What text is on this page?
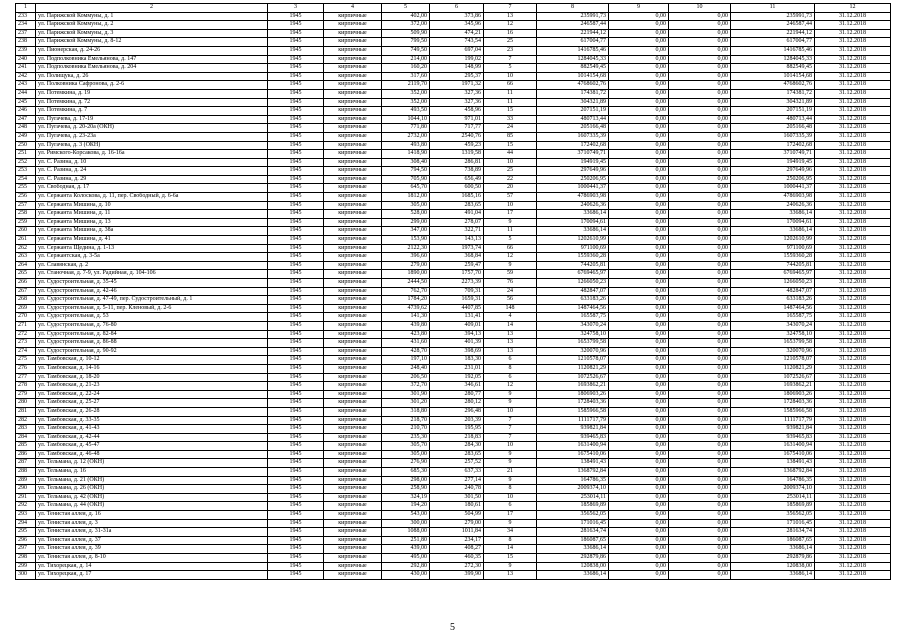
1	2	3	4	5	6	7	8	9	10	11	12
233	ул. Парижской Коммуны, д. 1	1945	кирпичные	402,00	373,86	13	235991,73	0,00	0,00	235991,73	31.12.2018
234	ул. Парижской Коммуны, д. 2	1945	кирпичные	372,00	345,96	12	246587,44	0,00	0,00	246587,44	31.12.2018
237	ул. Парижской Коммуны, д. 3	1945	кирпичные	509,90	474,21	16	221944,12	0,00	0,00	221944,12	31.12.2018
238	ул. Парижской Коммуны, д. 8-12	1945	кирпичные	799,50	743,54	25	617004,77	0,00	0,00	617004,77	31.12.2018
239	ул. Пионерская, д. 24-26	1945	кирпичные	749,50	697,04	23	1416785,46	0,00	0,00	1416785,46	31.12.2018
240	ул. Подполковника Емельянова, д. 147	1945	кирпичные	214,00	199,02	7	1284045,33	0,00	0,00	1284045,33	31.12.2018
241	ул. Подполковника Емельянова, д. 204	1945	кирпичные	160,20	148,99	5	882549,45	0,00	0,00	882549,45	31.12.2018
242	ул. Полищука, д. 26	1945	кирпичные	317,60	295,37	10	1014154,68	0,00	0,00	1014154,68	31.12.2018
243	ул. Полковника Сафронова, д. 2-6	1945	кирпичные	2119,70	1971,32	66	4768602,76	0,00	0,00	4768602,76	31.12.2018
244	ул. Потемкина, д. 19	1945	кирпичные	352,00	327,36	11	174381,72	0,00	0,00	174381,72	31.12.2018
245	ул. Потемкина, д. 72	1945	кирпичные	352,00	327,36	11	304321,89	0,00	0,00	304321,89	31.12.2018
246	ул. Потемкина, д. 7	1945	кирпичные	493,50	458,96	15	207151,19	0,00	0,00	207151,19	31.12.2018
247	ул. Пугачева, д. 17-19	1945	кирпичные	1044,10	971,01	33	480713,44	0,00	0,00	480713,44	31.12.2018
248	ул. Пугачева, д. 20-20а (ОКН)	1945	кирпичные	771,80	717,77	24	205166,48	0,00	0,00	205166,48	31.12.2018
249	ул. Пугачева, д. 23-23а	1945	кирпичные	2732,00	2540,76	85	1607335,39	0,00	0,00	1607335,39	31.12.2018
250	ул. Пугачева, д. 3 (ОКН)	1945	кирпичные	493,80	459,23	15	172402,68	0,00	0,00	172402,68	31.12.2018
251	ул. Римского-Корсакова, д. 16-16а	1945	кирпичные	1418,90	1319,58	44	3710749,71	0,00	0,00	3710749,71	31.12.2018
252	ул. С. Разина, д. 10	1945	кирпичные	308,40	286,81	10	194919,45	0,00	0,00	194919,45	31.12.2018
253	ул. С. Разина, д. 24	1945	кирпичные	794,50	738,89	25	297649,96	0,00	0,00	297649,96	31.12.2018
254	ул. С. Разина, д. 29	1945	кирпичные	705,90	656,49	22	250206,95	0,00	0,00	250206,95	31.12.2018
255	ул. Свободная, д. 17	1945	кирпичные	645,70	600,50	20	1000441,37	0,00	0,00	1000441,37	31.12.2018
256	ул. Сержанта Колоскова, д. 11, пер. Свободный, д. 6-6а	1945	кирпичные	1812,00	1685,16	57	4786903,98	0,00	0,00	4786903,98	31.12.2018
257	ул. Сержанта Мишина, д. 10	1945	кирпичные	305,00	283,65	10	240626,36	0,00	0,00	240626,36	31.12.2018
258	ул. Сержанта Мишина, д. 11	1945	кирпичные	528,00	491,04	17	33686,14	0,00	0,00	33686,14	31.12.2018
259	ул. Сержанта Мишина, д. 13	1945	кирпичные	299,00	278,07	9	170094,61	0,00	0,00	170094,61	31.12.2018
260	ул. Сержанта Мишина, д. 38а	1945	кирпичные	347,00	322,71	11	33686,14	0,00	0,00	33686,14	31.12.2018
261	ул. Сержанта Мишина, д. 41	1945	кирпичные	153,90	143,13	5	1202610,99	0,00	0,00	1202610,99	31.12.2018
262	ул. Сержанта Щедина, д. 1-13	1945	кирпичные	2122,30	1973,74	66	971100,69	0,00	0,00	971100,69	31.12.2018
263	ул. Сержантская, д. 3-5а	1945	кирпичные	396,60	368,84	12	1559360,28	0,00	0,00	1559360,28	31.12.2018
264	ул. Славянская, д. 2	1945	кирпичные	279,00	259,47	9	744205,81	0,00	0,00	744205,81	31.12.2018
265	ул. Станочная, д. 7-9, ул. Радийная, д. 104-106	1945	кирпичные	1890,00	1757,70	59	6769465,97	0,00	0,00	6769465,97	31.12.2018
266	ул. Судостроительная, д. 35-45	1945	кирпичные	2444,50	2273,39	76	1266050,23	0,00	0,00	1266050,23	31.12.2018
267	ул. Судостроительная, д. 42-46	1945	кирпичные	762,70	709,31	24	482847,07	0,00	0,00	482847,07	31.12.2018
268	ул. Судостроительная, д. 47-49, пер. Судостроительный, д. 1	1945	кирпичные	1784,20	1659,31	56	633183,26	0,00	0,00	633183,26	31.12.2018
269	ул. Судостроительная, д. 5-11, пер. Кленовый, д. 2-6	1945	кирпичные	4739,62	4407,85	148	1487464,56	0,00	0,00	1487464,56	31.12.2018
270	ул. Судостроительная, д. 53	1945	кирпичные	141,30	131,41	4	165587,75	0,00	0,00	165587,75	31.12.2018
271	ул. Судостроительная, д. 76-80	1945	кирпичные	439,80	409,01	14	343070,24	0,00	0,00	343070,24	31.12.2018
272	ул. Судостроительная, д. 82-84	1945	кирпичные	423,80	394,13	13	324758,10	0,00	0,00	324758,10	31.12.2018
273	ул. Судостроительная, д. 86-88	1945	кирпичные	431,60	401,39	13	1653799,58	0,00	0,00	1653799,58	31.12.2018
274	ул. Судостроительная, д. 90-92	1945	кирпичные	428,70	398,69	13	320070,96	0,00	0,00	320070,96	31.12.2018
275	ул. Тамбовская, д. 10-12	1945	кирпичные	197,10	183,30	6	1210578,07	0,00	0,00	1210578,07	31.12.2018
276	ул. Тамбовская, д. 14-16	1945	кирпичные	248,40	231,01	8	1120821,29	0,00	0,00	1120821,29	31.12.2018
277	ул. Тамбовская, д. 18-20	1945	кирпичные	206,50	192,05	6	1072526,67	0,00	0,00	1072526,67	31.12.2018
278	ул. Тамбовская, д. 21-23	1945	кирпичные	372,70	346,61	12	1693862,21	0,00	0,00	1693862,21	31.12.2018
279	ул. Тамбовская, д. 22-24	1945	кирпичные	301,90	280,77	9	1806903,26	0,00	0,00	1806903,26	31.12.2018
280	ул. Тамбовская, д. 25-27	1945	кирпичные	301,20	280,12	9	1728403,36	0,00	0,00	1728403,36	31.12.2018
281	ул. Тамбовская, д. 26-28	1945	кирпичные	318,80	296,48	10	1585966,58	0,00	0,00	1585966,58	31.12.2018
282	ул. Тамбовская, д. 33-35	1945	кирпичные	218,70	203,39	7	1111717,79	0,00	0,00	1111717,79	31.12.2018
283	ул. Тамбовская, д. 41-43	1945	кирпичные	210,70	195,95	7	939821,84	0,00	0,00	939821,84	31.12.2018
284	ул. Тамбовская, д. 42-44	1945	кирпичные	235,30	218,83	7	939465,83	0,00	0,00	939465,83	31.12.2018
285	ул. Тамбовская, д. 45-47	1945	кирпичные	305,70	284,30	10	1631400,94	0,00	0,00	1631400,94	31.12.2018
286	ул. Тамбовская, д. 46-48	1945	кирпичные	305,00	283,65	9	1675410,06	0,00	0,00	1675410,06	31.12.2018
287	ул. Тельмана, д. 12 (ОКН)	1945	кирпичные	276,90	257,52	9	138491,43	0,00	0,00	138491,43	31.12.2018
288	ул. Тельмана, д. 16	1945	кирпичные	685,30	637,33	21	1368792,84	0,00	0,00	1368792,84	31.12.2018
289	ул. Тельмана, д. 21 (ОКН)	1945	кирпичные	298,00	277,14	9	164786,35	0,00	0,00	164786,35	31.12.2018
290	ул. Тельмана, д. 26 (ОКН)	1945	кирпичные	258,90	240,78	8	2009374,10	0,00	0,00	2009374,10	31.12.2018
291	ул. Тельмана, д. 42 (ОКН)	1945	кирпичные	324,19	301,50	10	253014,11	0,00	0,00	253014,11	31.12.2018
292	ул. Тельмана, д. 44 (ОКН)	1945	кирпичные	194,20	180,61	6	185869,89	0,00	0,00	185869,89	31.12.2018
293	ул. Тенистая аллея, д. 16	1945	кирпичные	543,00	504,99	17	356562,05	0,00	0,00	356562,05	31.12.2018
294	ул. Тенистая аллея, д. 3	1945	кирпичные	300,00	279,00	9	171016,45	0,00	0,00	171016,45	31.12.2018
295	ул. Тенистая аллея, д. 31-31а	1945	кирпичные	1088,00	1011,84	34	281634,74	0,00	0,00	281634,74	31.12.2018
296	ул. Тенистая аллея, д. 37	1945	кирпичные	251,80	234,17	8	186087,65	0,00	0,00	186087,65	31.12.2018
297	ул. Тенистая аллея, д. 39	1945	кирпичные	439,00	408,27	14	33686,14	0,00	0,00	33686,14	31.12.2018
298	ул. Тенистая аллея, д. 8-10	1945	кирпичные	495,00	460,35	15	292879,86	0,00	0,00	292879,86	31.12.2018
299	ул. Тихорецкая, д. 14	1945	кирпичные	292,80	272,30	9	120838,00	0,00	0,00	120838,00	31.12.2018
300	ул. Тихорецкая, д. 17	1945	кирпичные	430,00	399,90	13	33686,14	0,00	0,00	33686,14	31.12.2018
5
